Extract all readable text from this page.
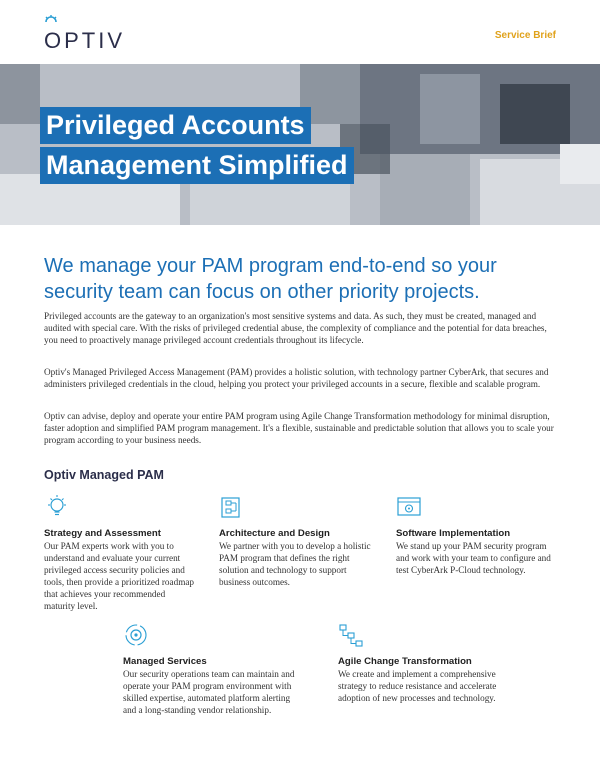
OPTIV	Service Brief
Privileged Accounts
Management Simplified
We manage your PAM program end-to-end so your security team can focus on other priority projects.

Privileged accounts are the gateway to an organization's most sensitive systems and data. As such, they must be created, managed and audited with special care. With the risks of privileged credential abuse, the complexity of compliance and the potential for data breaches, you need to proactively manage privileged account credentials throughout its lifecycle.

Optiv's Managed Privileged Access Management (PAM) provides a holistic solution, with technology partner CyberArk, that secures and administers privileged credentials in the cloud, helping you protect your privileged accounts in a secure, flexible and scalable program.

Optiv can advise, deploy and operate your entire PAM program using Agile Change Transformation methodology for minimal disruption, faster adoption and simplified PAM program management. It's a flexible, sustainable and predictable solution that allows you to scale your program according to your business needs.

Optiv Managed PAM
Strategy and Assessment
Our PAM experts work with you to understand and evaluate your current privileged access security policies and tools, then provide a prioritized roadmap that achieves your recommended maturity level.
Architecture and Design
We partner with you to develop a holistic PAM program that defines the right solution and technology to support business outcomes.
Software Implementation
We stand up your PAM security program and work with your team to configure and test CyberArk P-Cloud technology.
Managed Services
Our security operations team can maintain and operate your PAM program environment with skilled expertise, automated platform alerting and a long-standing vendor relationship.
Agile Change Transformation
We create and implement a comprehensive strategy to reduce resistance and accelerate adoption of new processes and technology.
